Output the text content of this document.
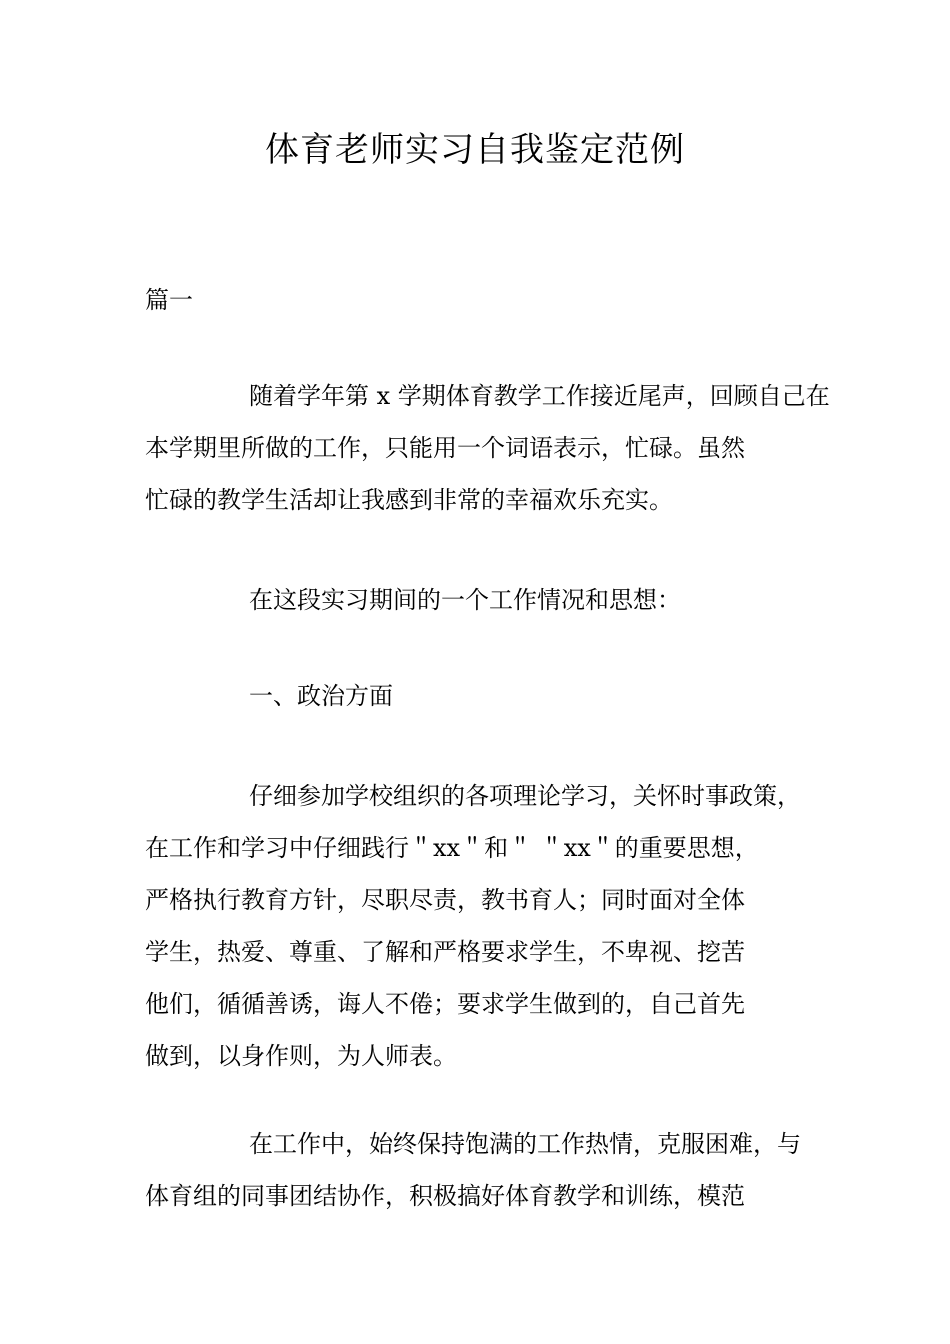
体育老师实习自我鉴定范例

篇一

随着学年第 x 学期体育教学工作接近尾声，回顾自己在
本学期里所做的工作，只能用一个词语表示，忙碌。虽然
忙碌的教学生活却让我感到非常的幸福欢乐充实。
在这段实习期间的一个工作情况和思想：
一、政治方面
仔细参加学校组织的各项理论学习，关怀时事政策，
在工作和学习中仔细践行＂xx＂和＂ ＂xx＂的重要思想，
严格执行教育方针，尽职尽责，教书育人；同时面对全体
学生，热爱、尊重、了解和严格要求学生，不卑视、挖苦
他们，循循善诱，诲人不倦；要求学生做到的，自己首先
做到，以身作则，为人师表。
在工作中，始终保持饱满的工作热情，克服困难，与
体育组的同事团结协作，积极搞好体育教学和训练，模范
